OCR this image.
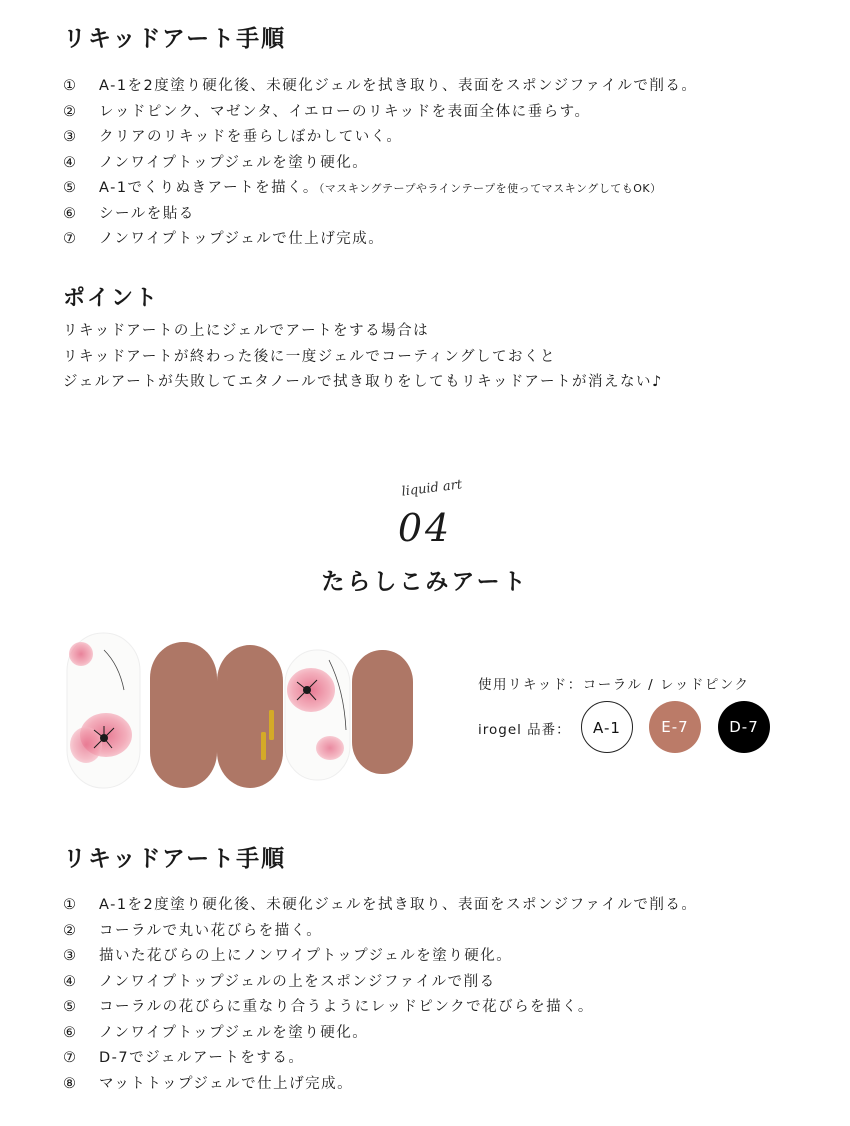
リキッドアート手順
① A-1を2度塗り硬化後、未硬化ジェルを拭き取り、表面をスポンジファイルで削る。
② レッドピンク、マゼンタ、イエローのリキッドを表面全体に垂らす。
③ クリアのリキッドを垂らしぼかしていく。
④ ノンワイプトップジェルを塗り硬化。
⑤ A-1でくりぬきアートを描く。（マスキングテープやラインテープを使ってマスキングしてもOK）
⑥ シールを貼る
⑦ ノンワイプトップジェルで仕上げ完成。
ポイント
リキッドアートの上にジェルでアートをする場合は
リキッドアートが終わった後に一度ジェルでコーティングしておくと
ジェルアートが失敗してエタノールで拭き取りをしてもリキッドアートが消えない♪
liquid art
04
たらしこみアート
使用リキッド：コーラル / レッドピンク
irogel 品番：	A-1	E-7	D-7
リキッドアート手順
① A-1を2度塗り硬化後、未硬化ジェルを拭き取り、表面をスポンジファイルで削る。
② コーラルで丸い花びらを描く。
③ 描いた花びらの上にノンワイプトップジェルを塗り硬化。
④ ノンワイプトップジェルの上をスポンジファイルで削る
⑤ コーラルの花びらに重なり合うようにレッドピンクで花びらを描く。
⑥ ノンワイプトップジェルを塗り硬化。
⑦ D-7でジェルアートをする。
⑧ マットトップジェルで仕上げ完成。
